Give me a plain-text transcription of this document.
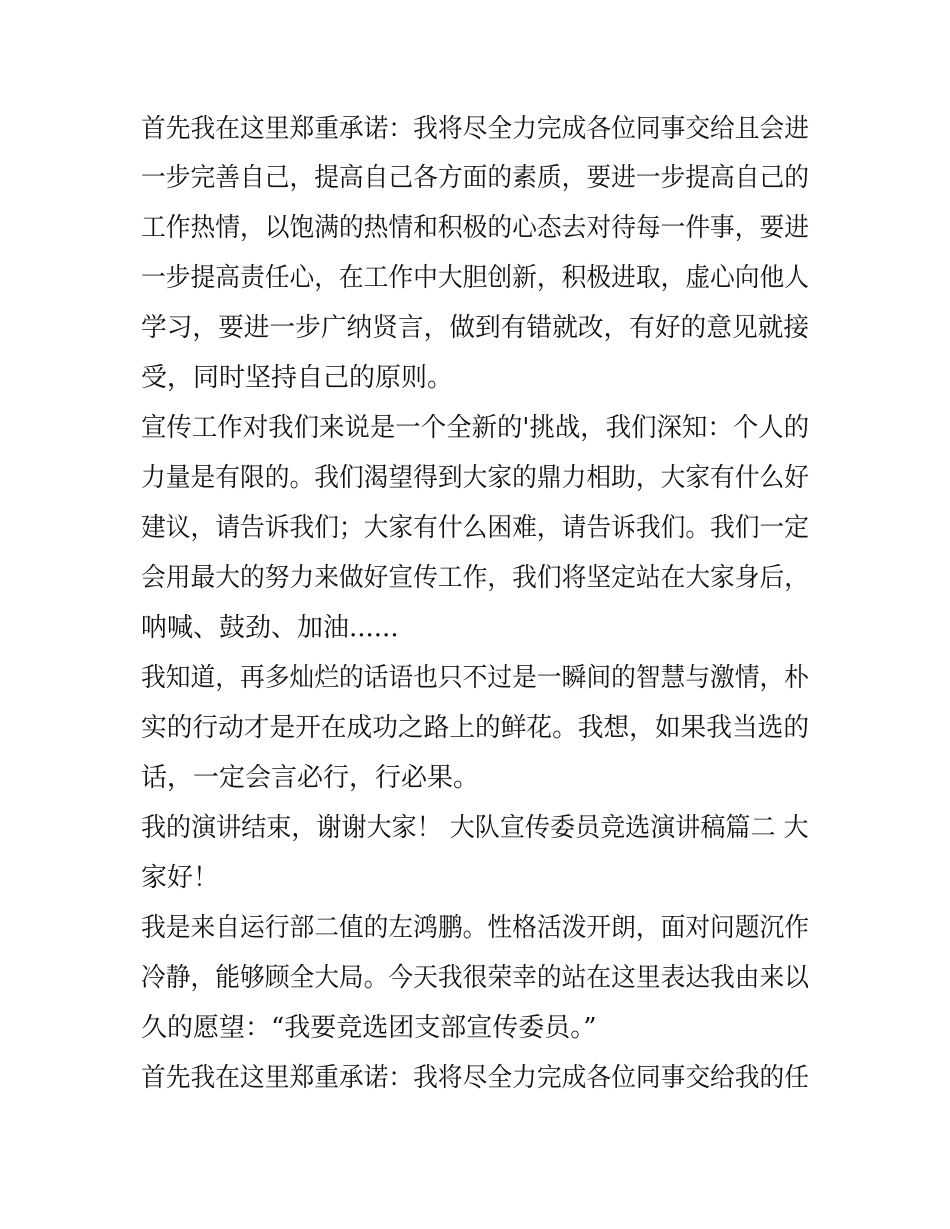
首先我在这里郑重承诺：我将尽全力完成各位同事交给且会进
一步完善自己，提高自己各方面的素质，要进一步提高自己的
工作热情，以饱满的热情和积极的心态去对待每一件事，要进
一步提高责任心，在工作中大胆创新，积极进取，虚心向他人
学习，要进一步广纳贤言，做到有错就改，有好的意见就接
受，同时坚持自己的原则。
宣传工作对我们来说是一个全新的'挑战，我们深知：个人的
力量是有限的。我们渴望得到大家的鼎力相助，大家有什么好
建议，请告诉我们；大家有什么困难，请告诉我们。我们一定
会用最大的努力来做好宣传工作，我们将坚定站在大家身后，
呐喊、鼓劲、加油......
我知道，再多灿烂的话语也只不过是一瞬间的智慧与激情，朴
实的行动才是开在成功之路上的鲜花。我想，如果我当选的
话，一定会言必行，行必果。
我的演讲结束，谢谢大家！ 大队宣传委员竞选演讲稿篇二 大
家好！
我是来自运行部二值的左鸿鹏。性格活泼开朗，面对问题沉作
冷静，能够顾全大局。今天我很荣幸的站在这里表达我由来以
久的愿望：“我要竞选团支部宣传委员。”
首先我在这里郑重承诺：我将尽全力完成各位同事交给我的任
